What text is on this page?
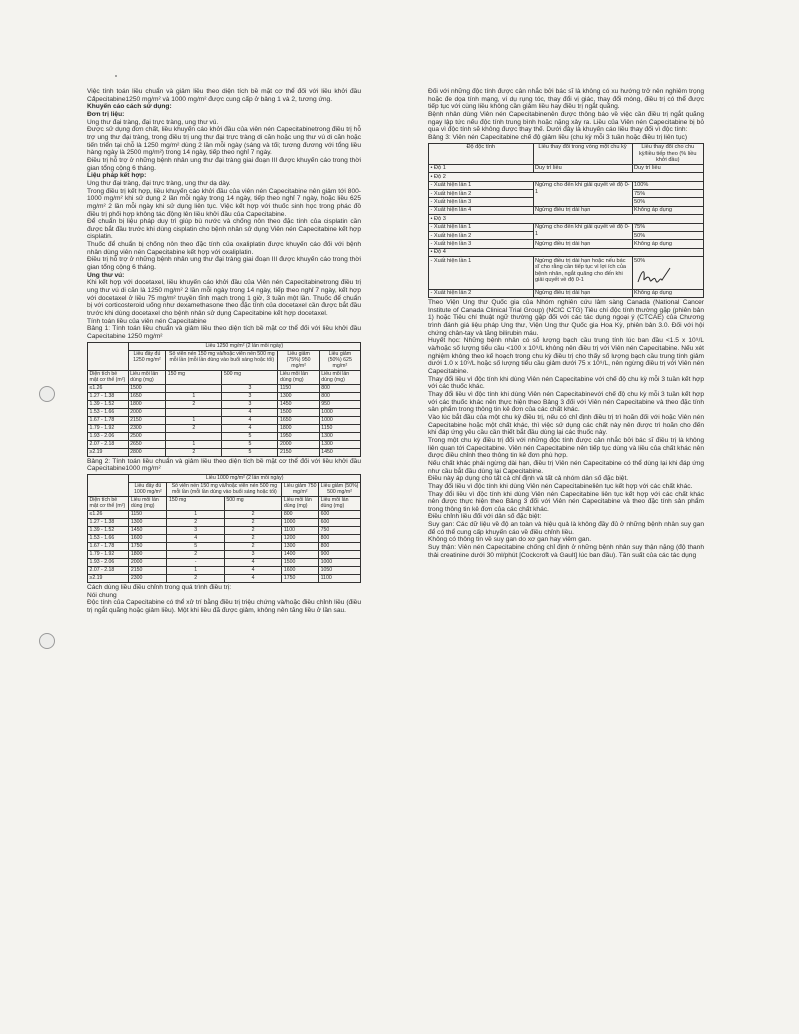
Việc tính toán liều chuẩn và giảm liều theo diện tích bề mặt cơ thể đối với liều khởi đầu Capecitabine1250 mg/m² và 1000 mg/m² được cung cấp ở bảng 1 và 2, tương ứng.

Khuyến cáo cách sử dụng:

Đơn trị liệu:

Ung thư đại tràng, đại trực tràng, ung thư vú.

Được sử dụng đơn chất, liều khuyến cáo khởi đầu của viên nén Capecitabinetrong điều trị hỗ trợ ung thư đại tràng, trong điều trị ung thư đại trực tràng di căn hoặc ung thư vú di căn hoặc tiến triển tại chỗ là 1250 mg/m² dùng 2 lần mỗi ngày (sáng và tối; tương đương với tổng liều hàng ngày là 2500 mg/m²) trong 14 ngày, tiếp theo nghỉ 7 ngày.

Điều trị hỗ trợ ở những bệnh nhân ung thư đại tràng giai đoạn III được khuyến cáo trong thời gian tổng cộng 6 tháng.

Liệu pháp kết hợp:

Ung thư đại tràng, đại trực tràng, ung thư dạ dày.

Trong điều trị kết hợp, liều khuyến cáo khởi đầu của viên nén Capecitabine nên giảm tới 800-1000 mg/m² khi sử dụng 2 lần mỗi ngày trong 14 ngày, tiếp theo nghỉ 7 ngày, hoặc liều 625 mg/m² 2 lần mỗi ngày khi sử dụng liên tục. Việc kết hợp với thuốc sinh học trong phác đồ điều trị phối hợp không tác động lên liều khởi đầu của Capecitabine.

Để chuẩn bị liệu pháp duy trì giúp bù nước và chống nôn theo đặc tính của cisplatin cần được bắt đầu trước khi dùng cisplatin cho bệnh nhân sử dụng Viên nén Capecitabine kết hợp cisplatin.

Thuốc để chuẩn bị chống nôn theo đặc tính của oxaliplatin được khuyến cáo đối với bệnh nhân dùng viên nén Capecitabine kết hợp với oxaliplatin.

Điều trị hỗ trợ ở những bệnh nhân ung thư đại tràng giai đoạn III được khuyến cáo trong thời gian tổng cộng 6 tháng.

Ung thư vú:

Khi kết hợp với docetaxel, liều khuyến cáo khởi đầu của Viên nén Capecitabinetrong điều trị ung thư vú di căn là 1250 mg/m² 2 lần mỗi ngày trong 14 ngày, tiếp theo nghỉ 7 ngày, kết hợp với docetaxel ở liều 75 mg/m² truyền tĩnh mạch trong 1 giờ, 3 tuần một lần. Thuốc để chuẩn bị với corticosteroid uống như dexamethasone theo đặc tính của docetaxel cần được bắt đầu trước khi dùng docetaxel cho bệnh nhân sử dụng Capecitabine kết hợp docetaxel.

Tính toán liều của viên nén Capecitabine

Bảng 1: Tính toán liều chuẩn và giảm liều theo diện tích bề mặt cơ thể đối với liều khởi đầu Capecitabine 1250 mg/m²

	Liều 1250 mg/m² (2 lần mỗi ngày)				
	Liều đầy đủ 1250 mg/m²	Số viên nén 150 mg và/hoặc viên nén 500 mg mỗi lần (mỗi lần dùng vào buổi sáng hoặc tối)		Liều giảm (75%) 950 mg/m²	Liều giảm (50%) 625 mg/m²
Diện tích bề mặt cơ thể (m²)	Liều mỗi lần dùng (mg)	150 mg	500 mg	Liều mỗi lần dùng (mg)	Liều mỗi lần dùng (mg)
≤1.26	1500		3	1150	800
1.27 - 1.38	1650	1	3	1300	800
1.39 - 1.52	1800	2	3	1450	950
1.53 - 1.66	2000		4	1500	1000
1.67 - 1.78	2150	1	4	1650	1000
1.79 - 1.92	2300	2	4	1800	1150
1.93 - 2.06	2500		5	1950	1300
2.07 - 2.18	2650	1	5	2000	1300
≥2.19	2800	2	5	2150	1450

Bảng 2: Tính toán liều chuẩn và giảm liều theo diện tích bề mặt cơ thể đối với liều khởi đầu Capecitabine1000 mg/m²

	Liều 1000 mg/m² (2 lần mỗi ngày)				
	Liều đầy đủ 1000 mg/m²	Số viên nén 150 mg và/hoặc viên nén 500 mg mỗi lần (mỗi lần dùng vào buổi sáng hoặc tối)		Liều giảm 750 mg/m²	Liều giảm (50%) 500 mg/m²
Diện tích bề mặt cơ thể (m²)	Liều mỗi lần dùng (mg)	150 mg	500 mg	Liều mỗi lần dùng (mg)	Liều mỗi lần dùng (mg)
≤1.26	1150	1	2	800	600
1.27 - 1.38	1300	2	2	1000	600
1.39 - 1.52	1450	3	2	1100	750
1.53 - 1.66	1600	4	2	1200	800
1.67 - 1.78	1750	5	2	1300	800
1.79 - 1.92	1800	2	3	1400	900
1.93 - 2.06	2000	-	4	1500	1000
2.07 - 2.18	2150	1	4	1600	1050
≥2.19	2300	2	4	1750	1100

Cách dùng liều điều chỉnh trong quá trình điều trị:

Nói chung

Độc tính của Capecitabine có thể xử trí bằng điều trị triệu chứng và/hoặc điều chỉnh liều (điều trị ngắt quãng hoặc giảm liều). Một khi liều đã được giảm, không nên tăng liều ở lần sau.

Đối với những độc tính được cân nhắc bởi bác sĩ là không có xu hướng trở nên nghiêm trọng hoặc đe dọa tính mạng, ví dụ rụng tóc, thay đổi vị giác, thay đổi móng, điều trị có thể được tiếp tục với cùng liều không cần giảm liều hay điều trị ngắt quãng.

Bệnh nhân dùng Viên nén Capecitabinenên được thông báo về việc cần điều trị ngắt quãng ngay lập tức nếu độc tính trung bình hoặc nặng xảy ra. Liều của Viên nén Capecitabine bị bỏ qua vì độc tính sẽ không được thay thế. Dưới đây là khuyến cáo liều thay đổi vì độc tính:

Bảng 3: Viên nén Capecitabine chế độ giảm liều (chu kỳ mỗi 3 tuần hoặc điều trị liên tục)

Độ độc tính	Liều thay đổi trong vòng một chu kỳ	Liều thay đổi cho chu kỳ/liều tiếp theo (% liều khởi đầu)
• Độ 1	Duy trì liều	Duy trì liều
• Độ 2		
- Xuất hiện lần 1	Ngừng cho đến khi giải quyết về độ 0-1	100%
- Xuất hiện lần 2		75%
- Xuất hiện lần 3		50%
- Xuất hiện lần 4	Ngừng điều trị dài hạn	Không áp dụng
• Độ 3		
- Xuất hiện lần 1	Ngừng cho đến khi giải quyết về độ 0-1	75%
- Xuất hiện lần 2		50%
- Xuất hiện lần 3	Ngừng điều trị dài hạn	Không áp dụng
• Độ 4		
- Xuất hiện lần 1	Ngừng điều trị dài hạn hoặc nếu bác sĩ cho rằng cần tiếp tục vì lợi ích của bệnh nhân, ngắt quãng cho đến khi giải quyết về độ 0-1	50%

- Xuất hiện lần 2	Ngừng điều trị dài hạn	Không áp dụng

Theo Viện Ung thư Quốc gia của Nhóm nghiên cứu lâm sàng Canada (National Cancer Institute of Canada Clinical Trial Group) (NCIC CTG) Tiêu chí độc tính thường gặp (phiên bản 1) hoặc Tiêu chí thuật ngữ thường gặp đối với các tác dụng ngoại ý (CTCAE) của Chương trình đánh giá liệu pháp Ung thư, Viện Ung thư Quốc gia Hoa Kỳ, phiên bản 3.0. Đối với hội chứng chân-tay và tăng bilirubin máu.

Huyết học: Những bệnh nhân có số lượng bạch cầu trung tính lúc ban đầu <1.5 x 10⁹/L và/hoặc số lượng tiểu cầu <100 x 10⁹/L không nên điều trị với Viên nén Capecitabine. Nếu xét nghiệm không theo kế hoạch trong chu kỳ điều trị cho thấy số lượng bạch cầu trung tính giảm dưới 1.0 x 10⁹/L hoặc số lượng tiểu cầu giảm dưới 75 x 10⁹/L, nên ngừng điều trị với Viên nén Capecitabine.

Thay đổi liều vì độc tính khi dùng Viên nén Capecitabine với chế độ chu kỳ mỗi 3 tuần kết hợp với các thuốc khác.

Thay đổi liều vì độc tính khi dùng Viên nén Capecitabinevới chế độ chu kỳ mỗi 3 tuần kết hợp với các thuốc khác nên thực hiện theo Bảng 3 đối với Viên nén Capecitabine và theo đặc tính sản phẩm trong thông tin kê đơn của các chất khác.

Vào lúc bắt đầu của một chu kỳ điều trị, nếu có chỉ định điều trị trì hoãn đối với hoặc Viên nén Capecitabine hoặc một chất khác, thì việc sử dụng các chất này nên được trì hoãn cho đến khi đáp ứng yêu cầu cần thiết bắt đầu dùng lại các thuốc này.

Trong một chu kỳ điều trị đối với những độc tính được cân nhắc bởi bác sĩ điều trị là không liên quan tới Capecitabine. Viên nén Capecitabine nên tiếp tục dùng và liều của chất khác nên được điều chỉnh theo thông tin kê đơn phù hợp.

Nếu chất khác phải ngừng dài hạn, điều trị Viên nén Capecitabine có thể dùng lại khi đáp ứng như cầu bắt đầu dùng lại Capecitabine.

Điều này áp dụng cho tất cả chỉ định và tất cả nhóm dân số đặc biệt.

Thay đổi liều vì độc tính khi dùng Viên nén Capecitabineliên tục kết hợp với các chất khác.

Thay đổi liều vì độc tính khi dùng Viên nén Capecitabine liên tục kết hợp với các chất khác nên được thực hiện theo Bảng 3 đối với Viên nén Capecitabine và theo đặc tính sản phẩm trong thông tin kê đơn của các chất khác.

Điều chỉnh liều đối với dân số đặc biệt:

Suy gan: Các dữ liệu về độ an toàn và hiệu quả là không đầy đủ ở những bệnh nhân suy gan để có thể cung cấp khuyến cáo về điều chỉnh liều.

Không có thông tin về suy gan do xơ gan hay viêm gan.

Suy thận: Viên nén Capecitabine chống chỉ định ở những bệnh nhân suy thận nặng (độ thanh thải creatinine dưới 30 ml/phút [Cockcroft và Gault] lúc ban đầu). Tần suất của các tác dụng
